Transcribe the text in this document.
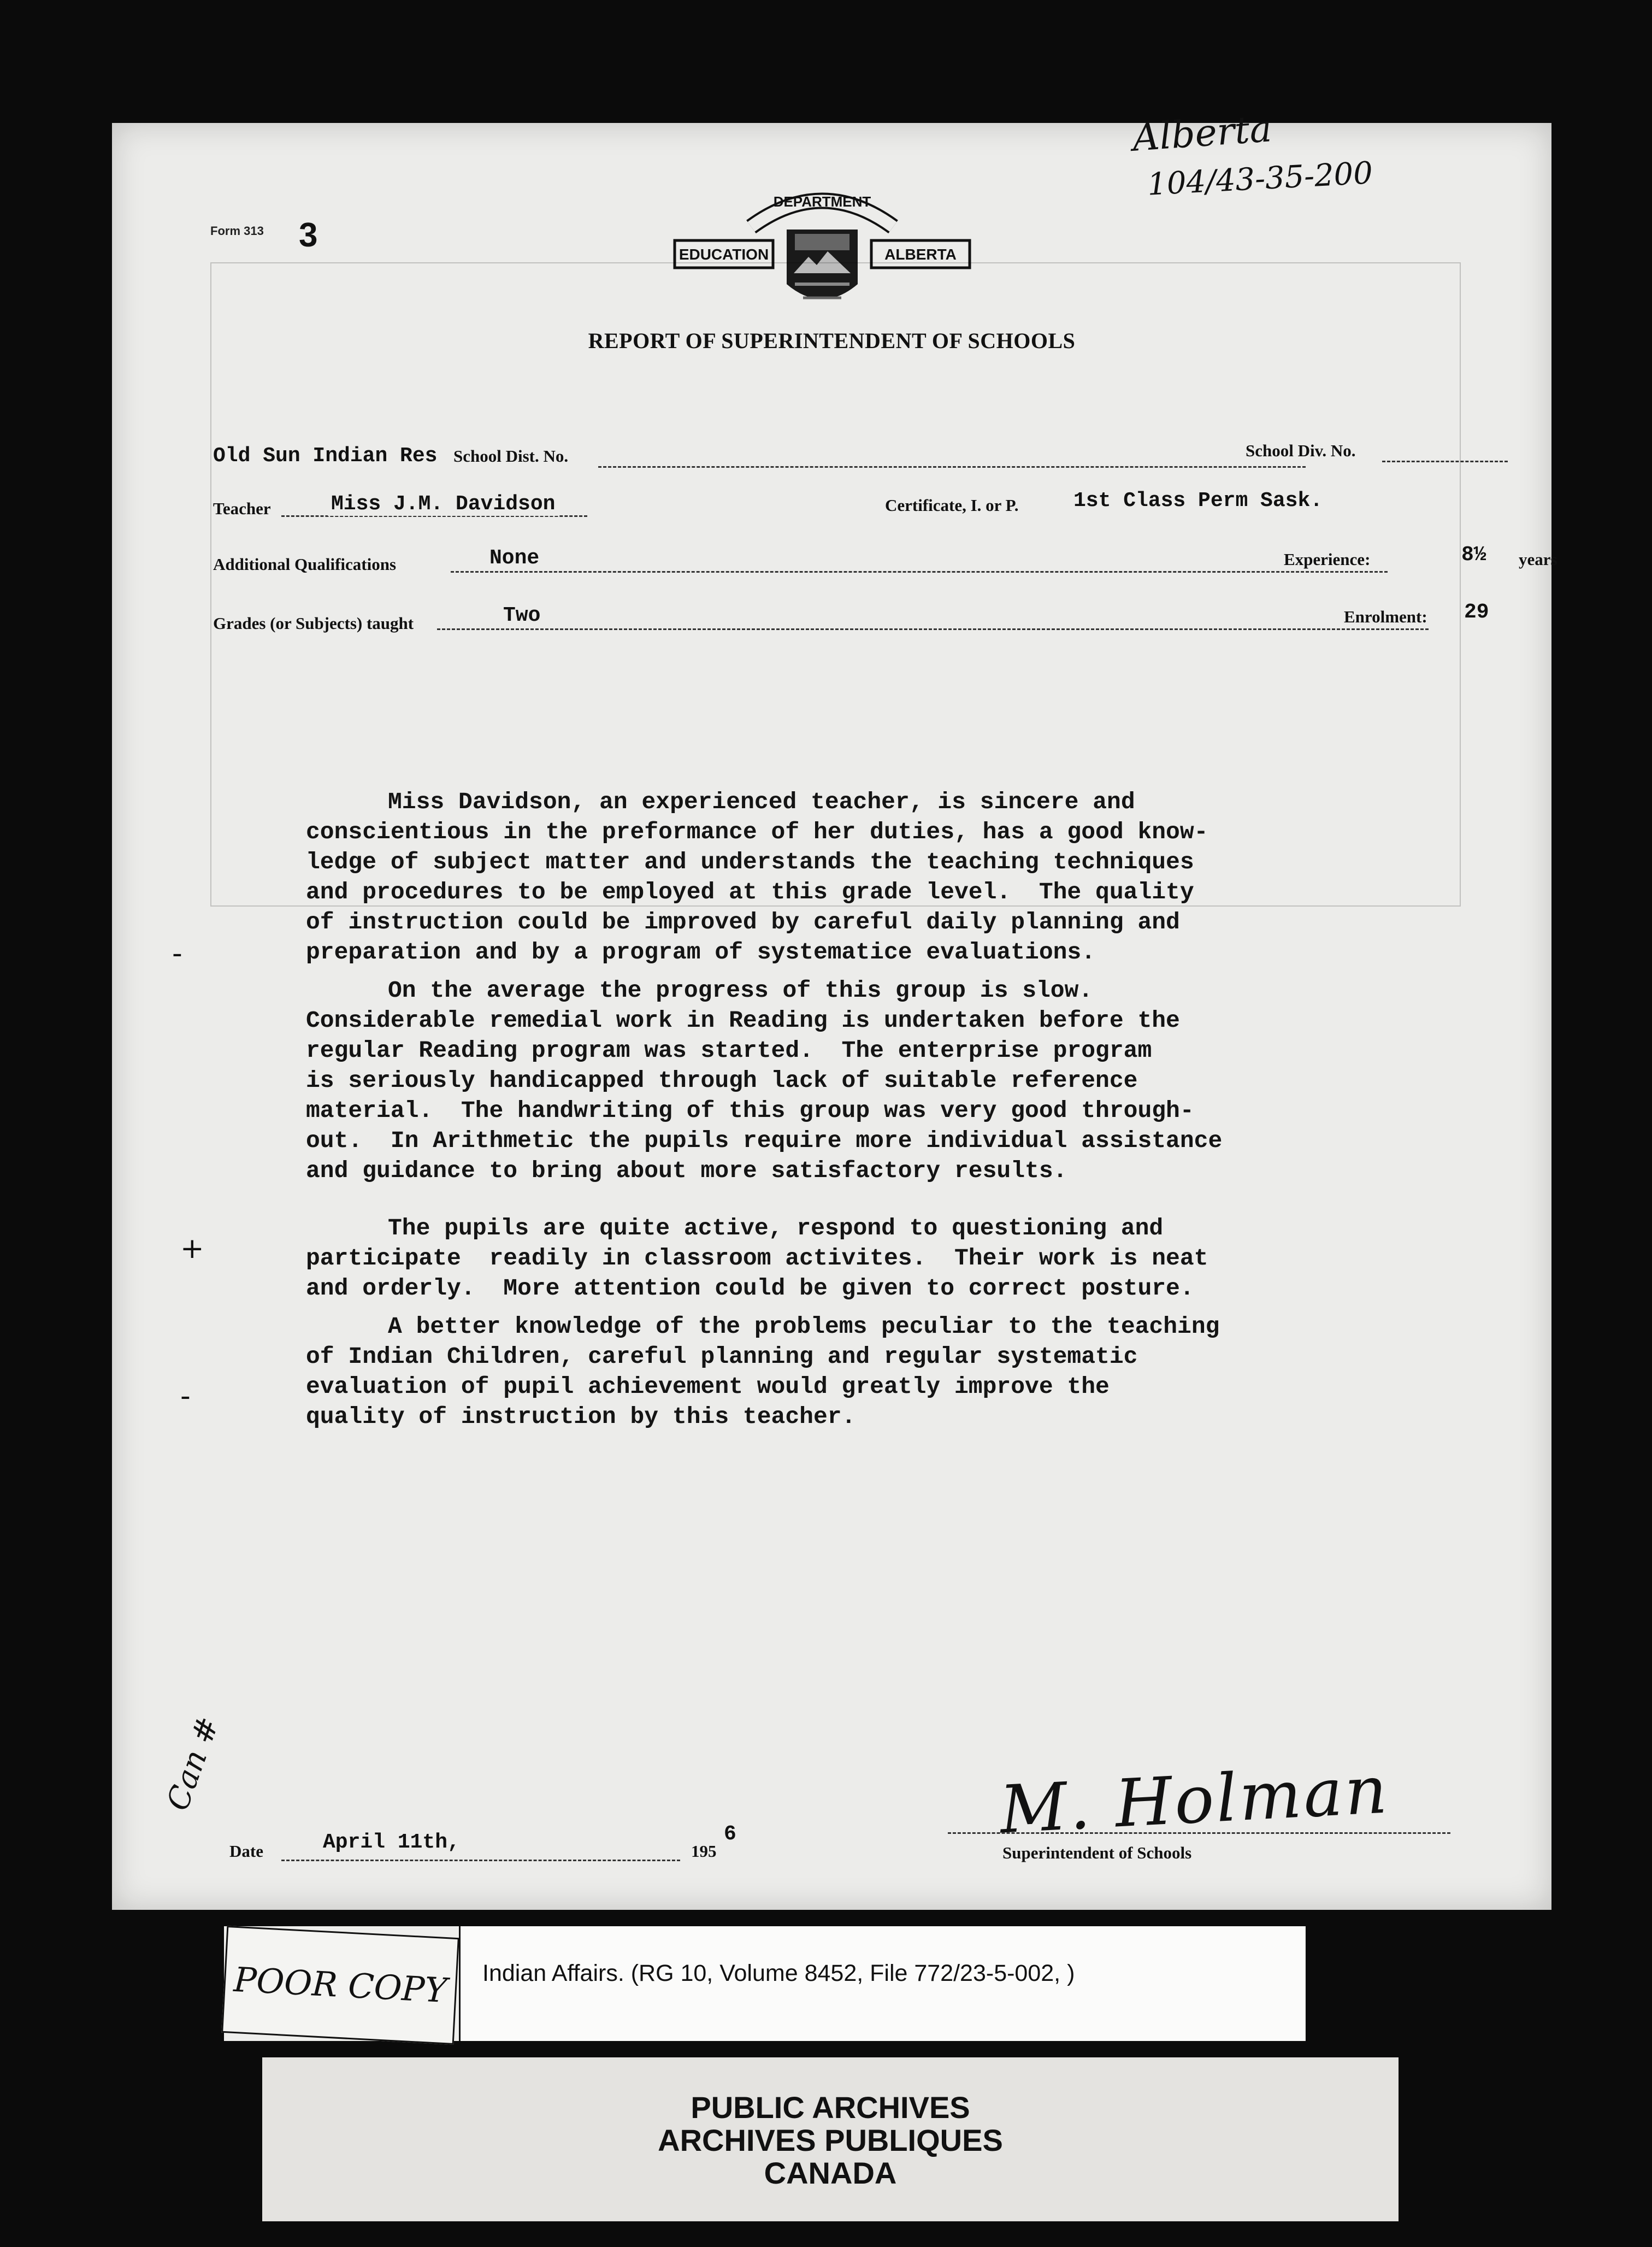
Form 313 3
Alberta
104/43-35-200
DEPARTMENT
EDUCATION	ALBERTA
REPORT OF SUPERINTENDENT OF SCHOOLS
Old Sun Indian Res School Dist. No.	School Div. No.
Teacher	Miss J.M. Davidson	Certificate, I. or P.	1st Class Perm Sask.
Additional Qualifications	None	Experience:	8½ years
Grades (or Subjects) taught	Two	Enrolment: 29
Miss Davidson, an experienced teacher, is sincere and
conscientious in the preformance of her duties, has a good know-
ledge of subject matter and understands the teaching techniques
and procedures to be employed at this grade level.  The quality
of instruction could be improved by careful daily planning and
preparation and by a program of systematice evaluations.
On the average the progress of this group is slow.
Considerable remedial work in Reading is undertaken before the
regular Reading program was started.  The enterprise program
is seriously handicapped through lack of suitable reference
material.  The handwriting of this group was very good through-
out.  In Arithmetic the pupils require more individual assistance
and guidance to bring about more satisfactory results.
The pupils are quite active, respond to questioning and
participate  readily in classroom activites.  Their work is neat
and orderly.  More attention could be given to correct posture.
A better knowledge of the problems peculiar to the teaching
of Indian Children, careful planning and regular systematic
evaluation of pupil achievement would greatly improve the
quality of instruction by this teacher.
-
+
-
Can #
Date	April 11th,	195
6	M. Holman
Superintendent of Schools
POOR COPY	Indian Affairs. (RG 10, Volume 8452, File 772/23-5-002, )
PUBLIC ARCHIVES
ARCHIVES PUBLIQUES
CANADA
